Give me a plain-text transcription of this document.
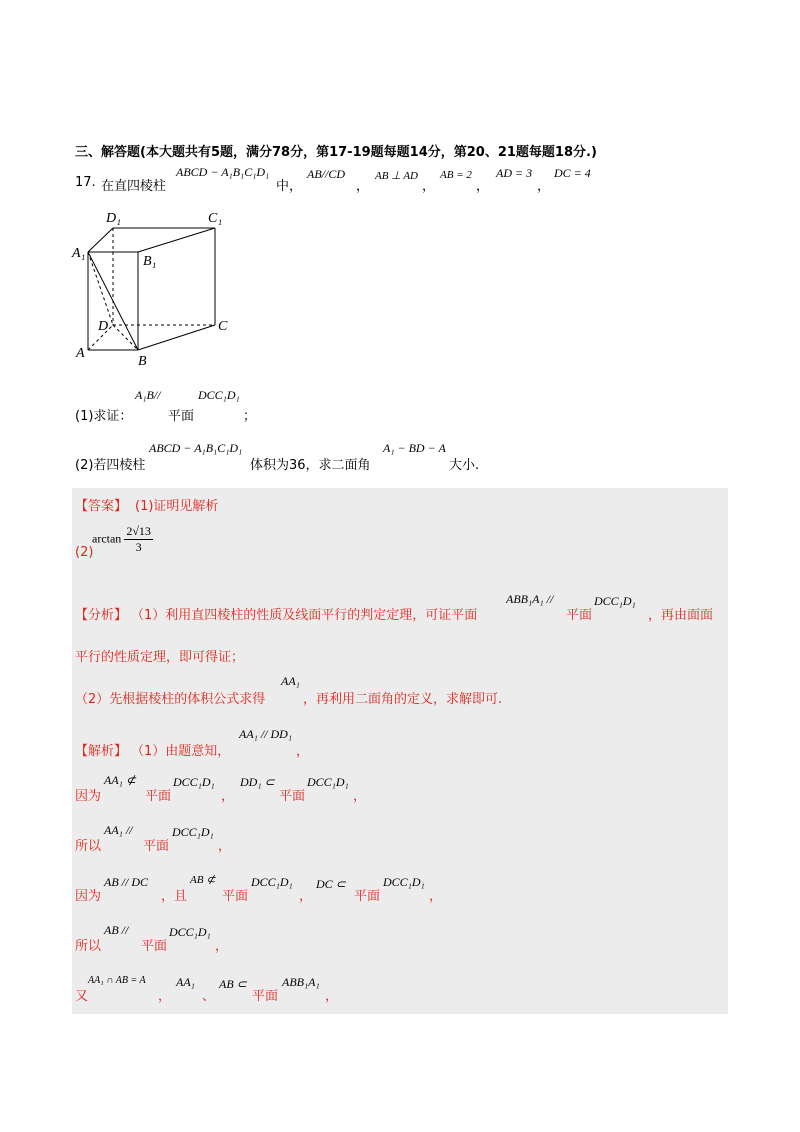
三、解答题(本大题共有5题，满分78分，第17-19题每题14分，第20、21题每题18分.)
17. 在直四棱柱
ABCD − A₁B₁C₁D₁
中，
AB//CD
，
AB ⊥ AD
，
AB = 2
，
AD = 3
，
DC = 4
D₁	C₁
A₁
B₁
D	C
A
B
(1)求证：
A₁B//
平面
DCC₁D₁
；
(2)若四棱柱
ABCD − A₁B₁C₁D₁
体积为36，求二面角
A₁ − BD − A
大小.
【答案】 (1)证明见解析
(2)
$\arctan \frac{2√13}{3}$
【分析】 （1）利用直四棱柱的性质及线面平行的判定定理，可证平面
ABB₁A₁ //
平面
DCC₁D₁
，再由面面
平行的性质定理，即可得证；
（2）先根据棱柱的体积公式求得
AA₁
，再利用二面角的定义，求解即可.
【解析】 （1）由题意知，
AA₁ // DD₁
，
因为
AA₁ ⊄
平面
DCC₁D₁
，
DD₁ ⊂
平面
DCC₁D₁
，
所以
AA₁ //
平面
DCC₁D₁
，
因为
AB // DC
，且
AB ⊄
平面
DCC₁D₁
，
DC ⊂
平面
DCC₁D₁
，
所以
AB //
平面
DCC₁D₁
，
又
AA₁ ∩ AB = A
，
AA₁
、
AB ⊂
平面
ABB₁A₁
，
